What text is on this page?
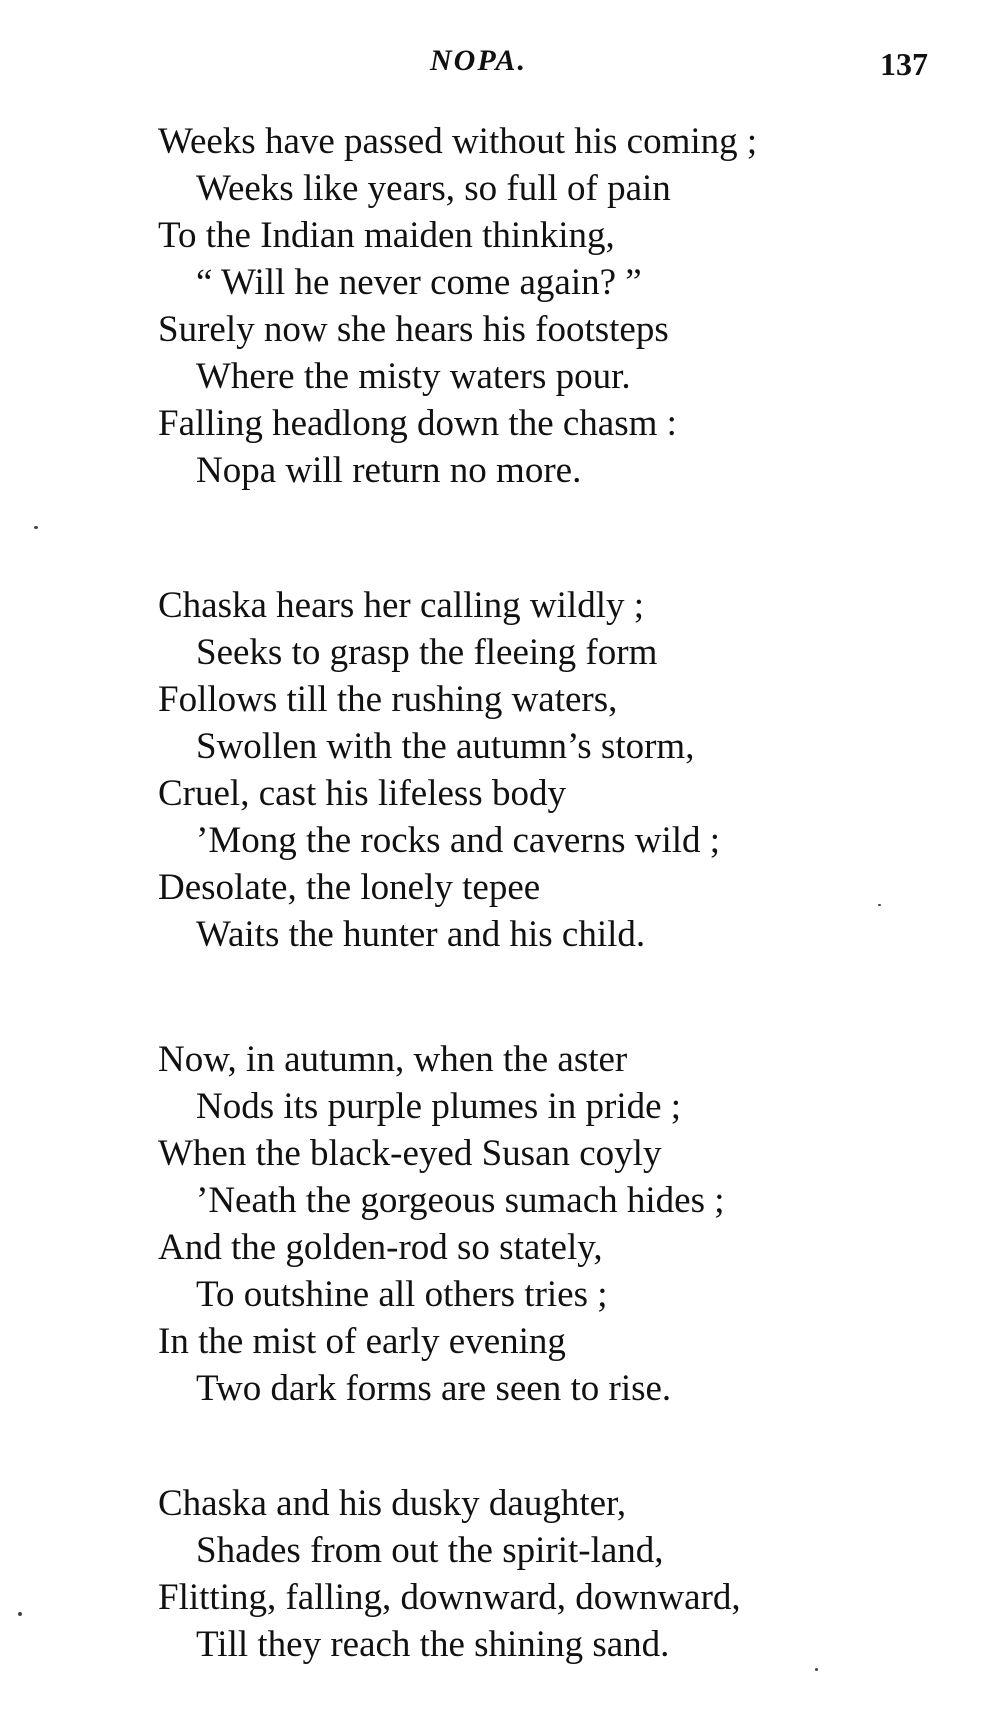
NOPA.	137
Weeks have passed without his coming ;
Weeks like years, so full of pain
To the Indian maiden thinking,
“ Will he never come again? ”
Surely now she hears his footsteps
Where the misty waters pour.
Falling headlong down the chasm :
Nopa will return no more.
Chaska hears her calling wildly ;
Seeks to grasp the fleeing form
Follows till the rushing waters,
Swollen with the autumn’s storm,
Cruel, cast his lifeless body
’Mong the rocks and caverns wild ;
Desolate, the lonely tepee
Waits the hunter and his child.
Now, in autumn, when the aster
Nods its purple plumes in pride ;
When the black-eyed Susan coyly
’Neath the gorgeous sumach hides ;
And the golden-rod so stately,
To outshine all others tries ;
In the mist of early evening
Two dark forms are seen to rise.
Chaska and his dusky daughter,
Shades from out the spirit-land,
Flitting, falling, downward, downward,
Till they reach the shining sand.
